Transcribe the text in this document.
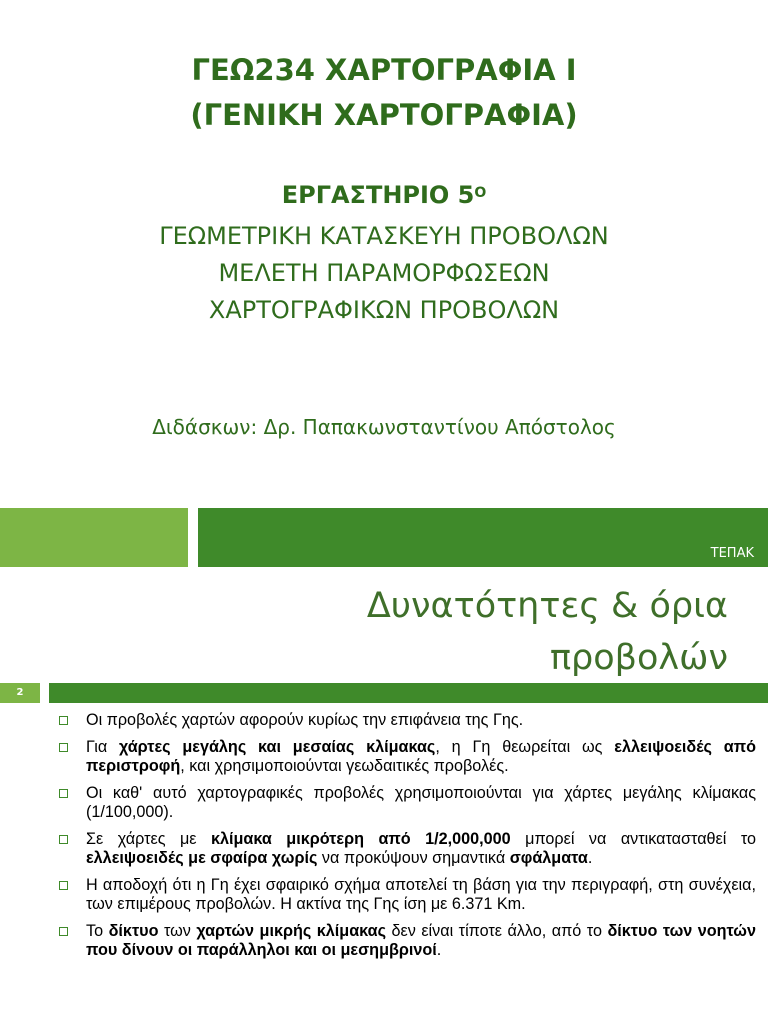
ΓΕΩ234 ΧΑΡΤΟΓΡΑΦΙΑ Ι
(ΓΕΝΙΚΗ ΧΑΡΤΟΓΡΑΦΙΑ)
ΕΡΓΑΣΤΗΡΙΟ $5^O$
ΓΕΩΜΕΤΡΙΚΗ ΚΑΤΑΣΚΕΥΗ ΠΡΟΒΟΛΩΝ
ΜΕΛΕΤΗ ΠΑΡΑΜΟΡΦΩΣΕΩΝ
ΧΑΡΤΟΓΡΑΦΙΚΩΝ ΠΡΟΒΟΛΩΝ
Διδάσκων: Δρ. Παπακωνσταντίνου Απόστολος
ΤΕΠΑΚ
Δυνατότητες & όρια
προβολών
2
Οι προβολές χαρτών αφορούν κυρίως την επιφάνεια της Γης.
Για χάρτες μεγάλης και μεσαίας κλίμακας, η Γη θεωρείται ως ελλειψοειδές από περιστροφή, και χρησιμοποιούνται γεωδαιτικές προβολές.
Οι καθ' αυτό χαρτογραφικές προβολές χρησιμοποιούνται για χάρτες μεγάλης κλίμακας (1/100,000).
Σε χάρτες με κλίμακα μικρότερη από 1/2,000,000 μπορεί να αντικατασταθεί το ελλειψοειδές με σφαίρα χωρίς να προκύψουν σημαντικά σφάλματα.
Η αποδοχή ότι η Γη έχει σφαιρικό σχήμα αποτελεί τη βάση για την περιγραφή, στη συνέχεια, των επιμέρους προβολών. Η ακτίνα της Γης ίση με 6.371 Km.
Το δίκτυο των χαρτών μικρής κλίμακας δεν είναι τίποτε άλλο, από το δίκτυο των νοητών που δίνουν οι παράλληλοι και οι μεσημβρινοί.
